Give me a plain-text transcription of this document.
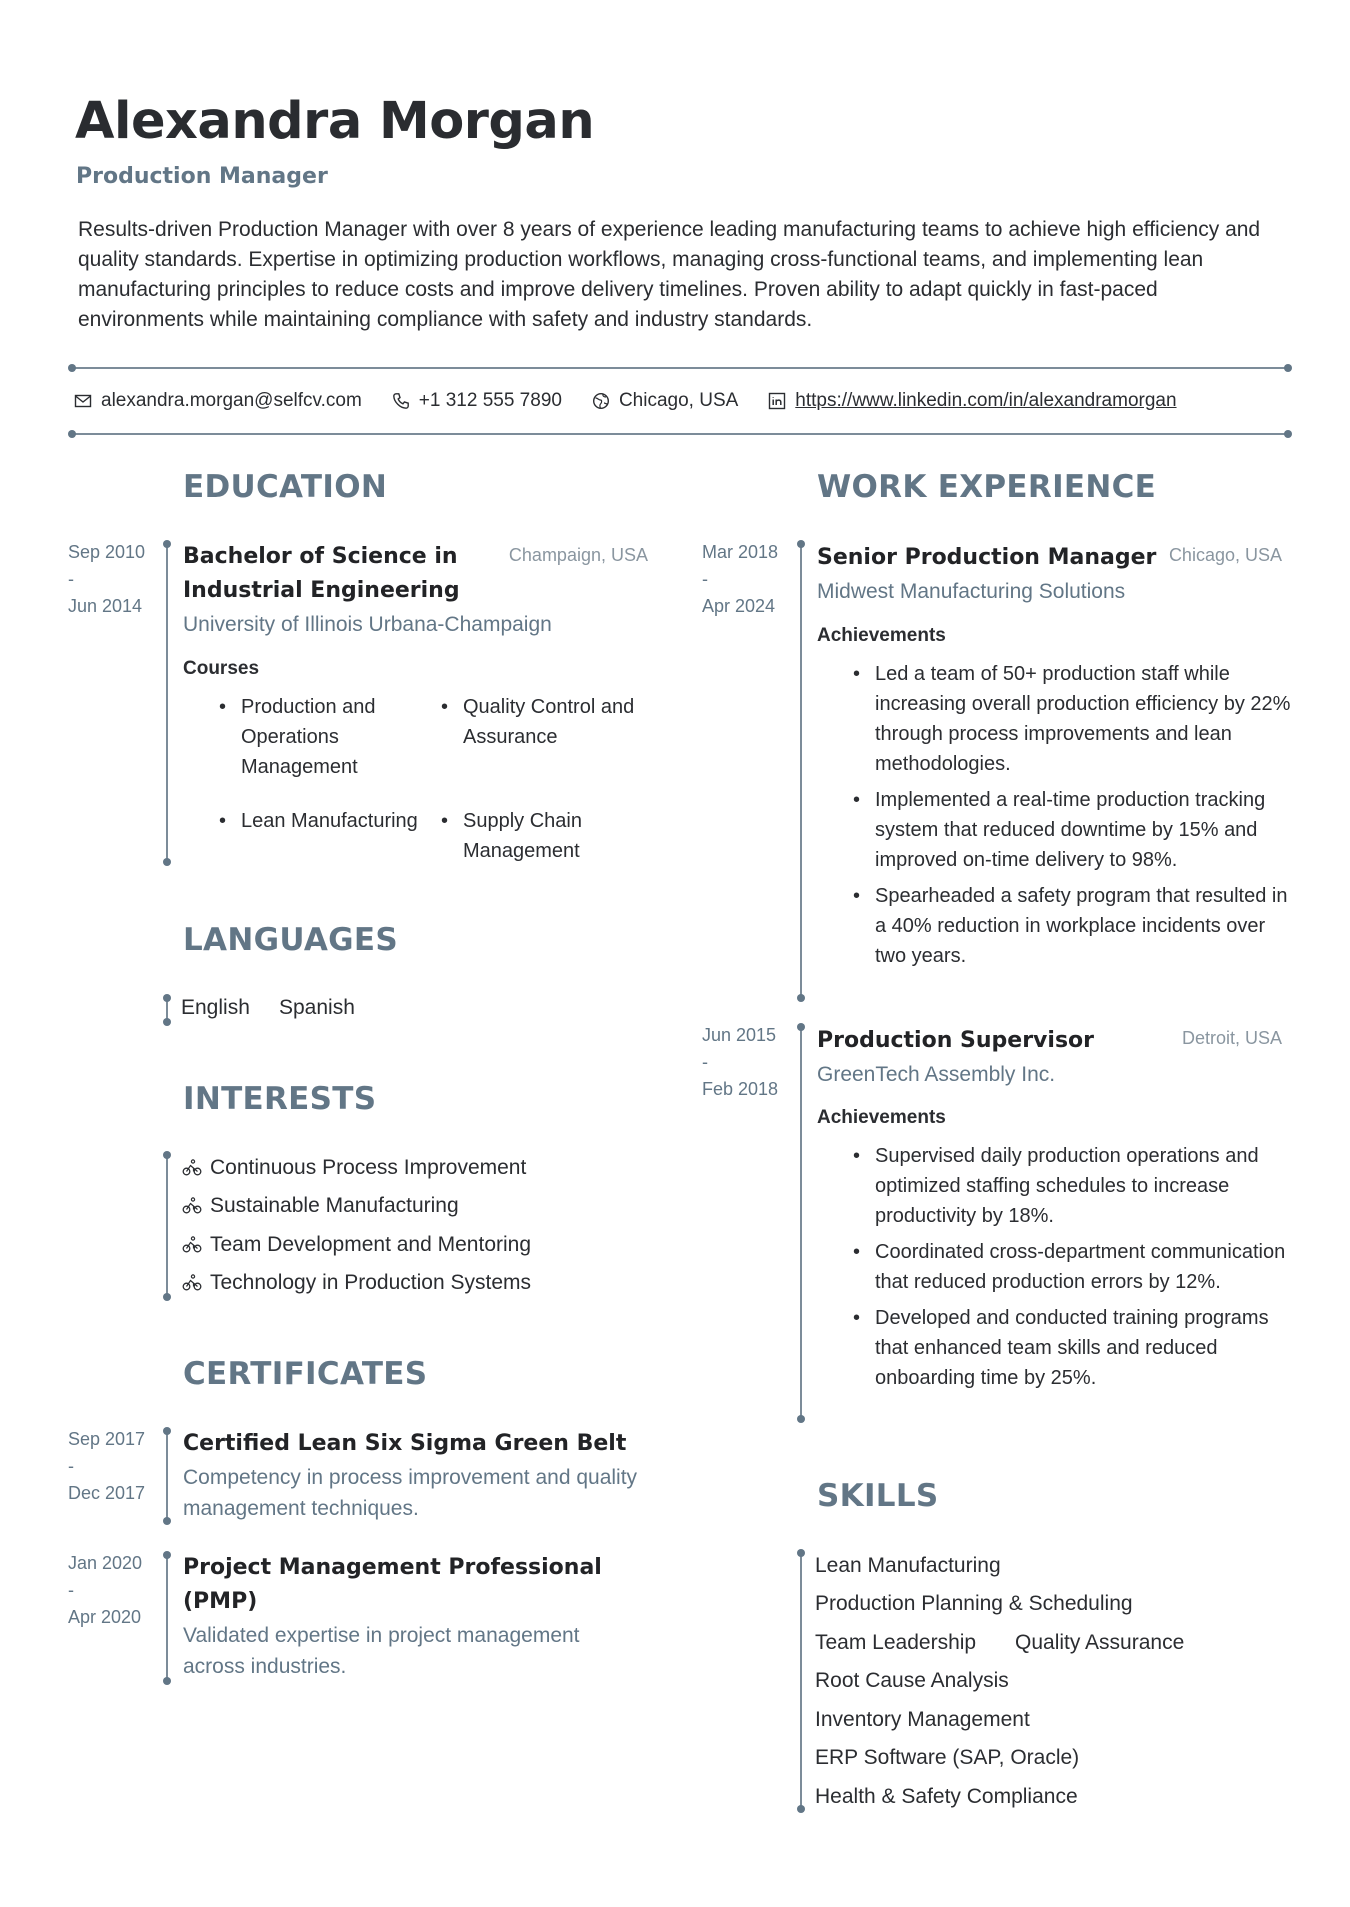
Alexandra Morgan
Production Manager
Results-driven Production Manager with over 8 years of experience leading manufacturing teams to achieve high efficiency and quality standards. Expertise in optimizing production workflows, managing cross-functional teams, and implementing lean manufacturing principles to reduce costs and improve delivery timelines. Proven ability to adapt quickly in fast-paced environments while maintaining compliance with safety and industry standards.
alexandra.morgan@selfcv.com	+1 312 555 7890	Chicago, USA	https://www.linkedin.com/in/alexandramorgan
EDUCATION
Sep 2010
-
Jun 2014
Bachelor of Science in
Industrial Engineering
Champaign, USA
University of Illinois Urbana-Champaign
Courses
• Production and Operations Management
• Quality Control and Assurance
• Lean Manufacturing
•	Supply Chain Management
LANGUAGES
English Spanish
INTERESTS
Continuous Process Improvement
Sustainable Manufacturing
Team Development and Mentoring
Technology in Production Systems
CERTIFICATES
Sep 2017
-
Dec 2017
Certified Lean Six Sigma Green Belt
Competency in process improvement and quality management techniques.
Jan 2020
-
Apr 2020
Project Management Professional (PMP)
Validated expertise in project management across industries.
WORK EXPERIENCE
Mar 2018
-
Apr 2024
Senior Production Manager Chicago, USA
Midwest Manufacturing Solutions
Achievements
• Led a team of 50+ production staff while increasing overall production efficiency by 22% through process improvements and lean methodologies.
• Implemented a real-time production tracking system that reduced downtime by 15% and improved on-time delivery to 98%.
• Spearheaded a safety program that resulted in a 40% reduction in workplace incidents over two years.
Jun 2015
-
Feb 2018
Production Supervisor	Detroit, USA
GreenTech Assembly Inc.
Achievements
• Supervised daily production operations and optimized staffing schedules to increase productivity by 18%.
• Coordinated cross-department communication that reduced production errors by 12%.
• Developed and conducted training programs that enhanced team skills and reduced onboarding time by 25%.
SKILLS
Lean Manufacturing
Production Planning & Scheduling
Team Leadership Quality Assurance
Root Cause Analysis
Inventory Management
ERP Software (SAP, Oracle)
Health & Safety Compliance
